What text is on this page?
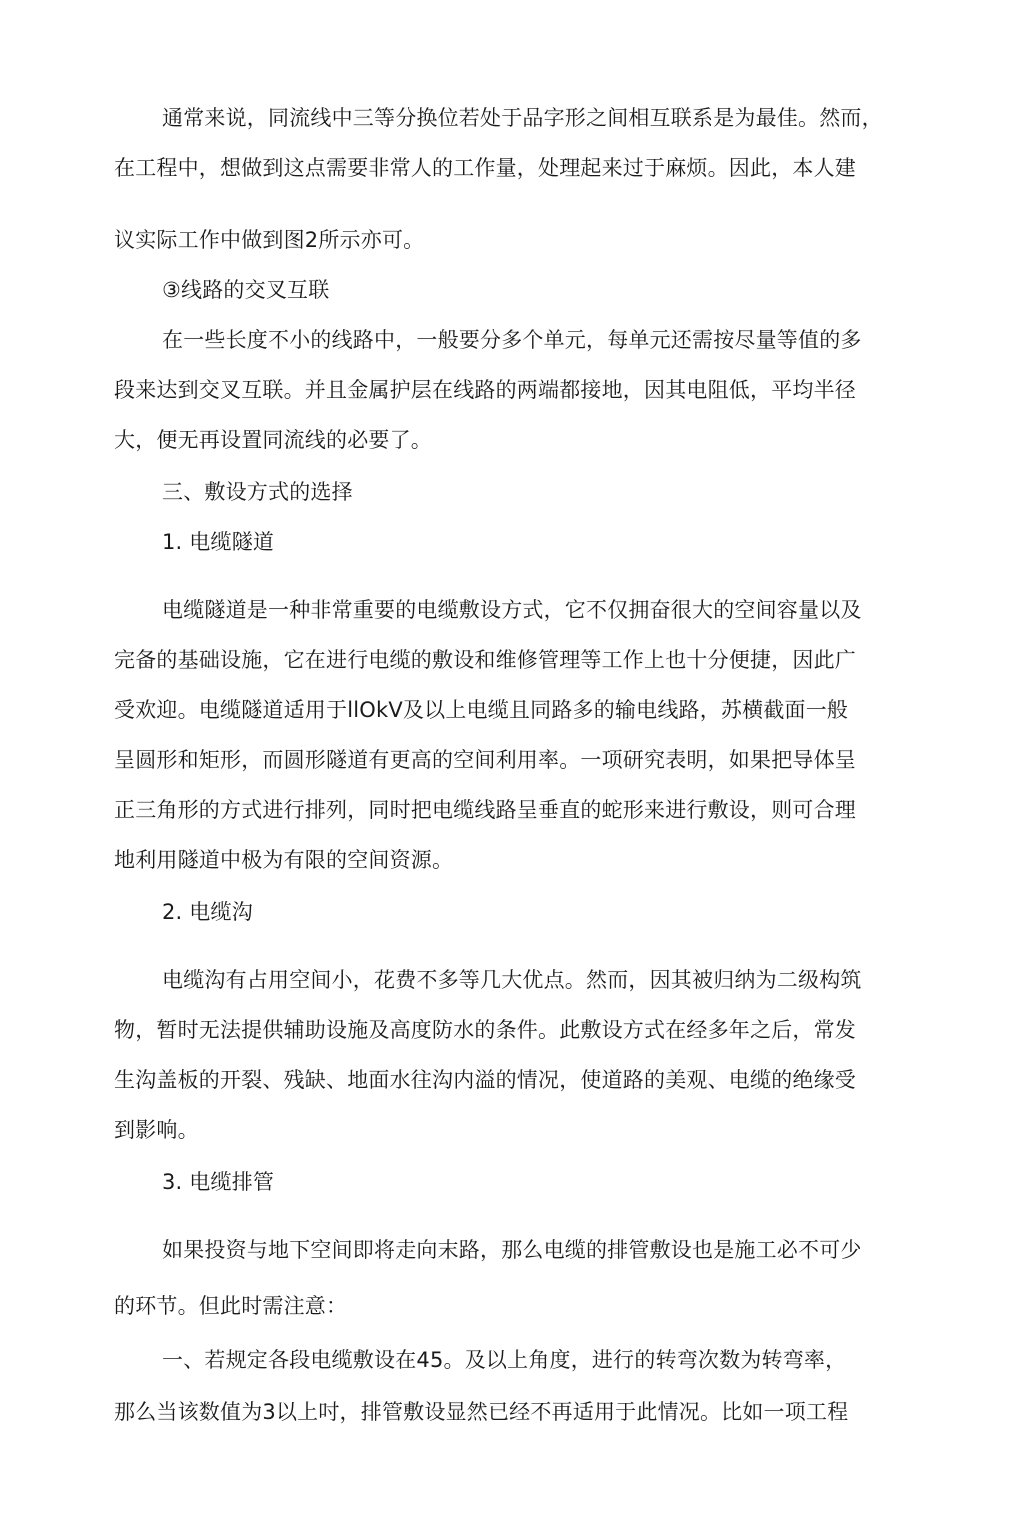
通常来说，同流线中三等分换位若处于品字形之间相互联系是为最佳。然而，
在工程中，想做到这点需要非常人的工作量，处理起来过于麻烦。因此，本人建
议实际工作中做到图2所示亦可。
③线路的交叉互联
在一些长度不小的线路中，一般要分多个单元，每单元还需按尽量等值的多
段来达到交叉互联。并且金属护层在线路的两端都接地，因其电阻低，平均半径
大，便无再设置同流线的必要了。
三、敷设方式的选择
1. 电缆隧道
电缆隧道是一种非常重要的电缆敷设方式，它不仅拥奋很大的空间容量以及
完备的基础设施，它在进行电缆的敷设和维修管理等工作上也十分便捷，因此广
受欢迎。电缆隧道适用于llOkV及以上电缆且同路多的输电线路，苏横截面一般
呈圆形和矩形，而圆形隧道有更高的空间利用率。一项研究表明，如果把导体呈
正三角形的方式进行排列，同时把电缆线路呈垂直的蛇形来进行敷设，则可合理
地利用隧道中极为有限的空间资源。
2. 电缆沟
电缆沟有占用空间小，花费不多等几大优点。然而，因其被归纳为二级构筑
物，暂时无法提供辅助设施及高度防水的条件。此敷设方式在经多年之后，常发
生沟盖板的开裂、残缺、地面水往沟内溢的情况，使道路的美观、电缆的绝缘受
到影响。
3. 电缆排管
如果投资与地下空间即将走向末路，那么电缆的排管敷设也是施工必不可少
的环节。但此时需注意：
一、若规定各段电缆敷设在45。及以上角度，进行的转弯次数为转弯率，
那么当该数值为3以上吋，排管敷设显然已经不再适用于此情况。比如一项工程
